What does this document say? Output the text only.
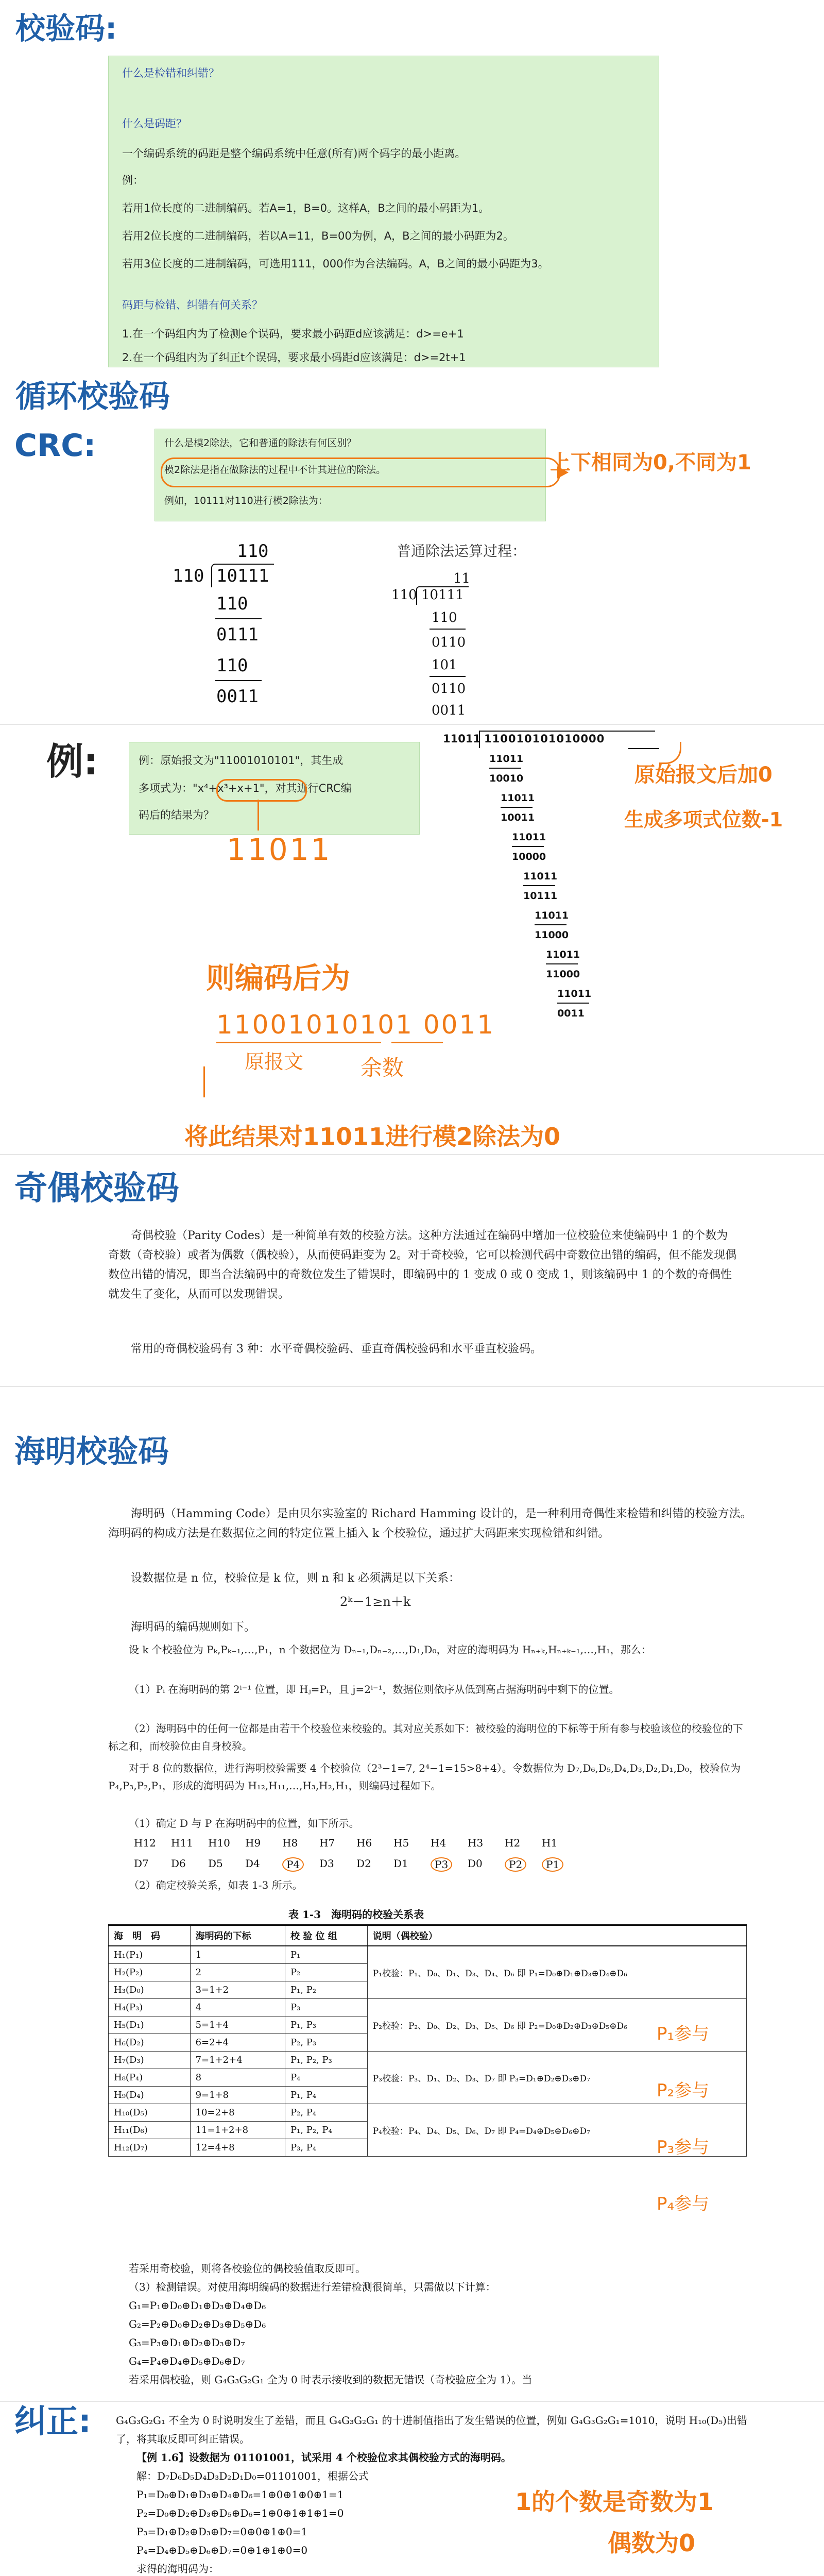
校验码:
什么是检错和纠错？
什么是码距？
一个编码系统的码距是整个编码系统中任意(所有)两个码字的最小距离。
例：
若用1位长度的二进制编码。若A=1，B=0。这样A，B之间的最小码距为1。
若用2位长度的二进制编码，若以A=11，B=00为例，A，B之间的最小码距为2。
若用3位长度的二进制编码，可选用111，000作为合法编码。A，B之间的最小码距为3。
码距与检错、纠错有何关系？
1.在一个码组内为了检测e个误码，要求最小码距d应该满足：d>=e+1
2.在一个码组内为了纠正t个误码，要求最小码距d应该满足：d>=2t+1
循环校验码
CRC:	什么是模2除法，它和普通的除法有何区别？
模2除法是指在做除法的过程中不计其进位的除法。
例如，10111对110进行模2除法为：
上下相同为0,不同为1
110
110 10111
110
0111
110
0011
普通除法运算过程：
11
110 10111
110
0110
101
0110
0011
例:	例：原始报文为"11001010101"，其生成
多项式为："x⁴+x³+x+1"，对其进行CRC编
码后的结果为？
11011
11011 110010101010000
11011
10010
11011
10011
11011
10000
11011
10111
11011
11000
11011
11000
11011
0011
原始报文后加0
生成多项式位数-1
则编码后为
11001010101 0011
原报文	余数
将此结果对11011进行模2除法为0
奇偶校验码
奇偶校验（Parity Codes）是一种简单有效的校验方法。这种方法通过在编码中增加一位校验位来使编码中 1 的个数为奇数（奇校验）或者为偶数（偶校验），从而使码距变为 2。对于奇校验，它可以检测代码中奇数位出错的编码，但不能发现偶数位出错的情况，即当合法编码中的奇数位发生了错误时，即编码中的 1 变成 0 或 0 变成 1，则该编码中 1 的个数的奇偶性就发生了变化，从而可以发现错误。
常用的奇偶校验码有 3 种：水平奇偶校验码、垂直奇偶校验码和水平垂直校验码。
海明校验码
海明码（Hamming Code）是由贝尔实验室的 Richard Hamming 设计的，是一种利用奇偶性来检错和纠错的校验方法。海明码的构成方法是在数据位之间的特定位置上插入 k 个校验位，通过扩大码距来实现检错和纠错。
设数据位是 n 位，校验位是 k 位，则 n 和 k 必须满足以下关系：
2ᵏ－1≥n＋k
海明码的编码规则如下。
设 k 个校验位为 Pₖ,Pₖ₋₁,…,P₁，n 个数据位为 Dₙ₋₁,Dₙ₋₂,…,D₁,D₀，对应的海明码为 Hₙ₊ₖ,Hₙ₊ₖ₋₁,…,H₁，那么：
（1）Pᵢ 在海明码的第 2ⁱ⁻¹ 位置，即 Hⱼ=Pᵢ，且 j=2ⁱ⁻¹，数据位则依序从低到高占据海明码中剩下的位置。
（2）海明码中的任何一位都是由若干个校验位来校验的。其对应关系如下：被校验的海明位的下标等于所有参与校验该位的校验位的下标之和，而校验位由自身校验。
对于 8 位的数据位，进行海明校验需要 4 个校验位（2³−1=7, 2⁴−1=15>8+4）。令数据位为 D₇,D₆,D₅,D₄,D₃,D₂,D₁,D₀，校验位为 P₄,P₃,P₂,P₁，形成的海明码为 H₁₂,H₁₁,…,H₃,H₂,H₁，则编码过程如下。
（1）确定 D 与 P 在海明码中的位置，如下所示。
H12 H11 H10 H9 H8 H7 H6 H5 H4 H3 H2 H1
D7 D6 D5 D4	P4	D3 D2 D1	P3	D0	P2	P1
（2）确定校验关系，如表 1-3 所示。
表 1-3　海明码的校验关系表
海　明　码	海明码的下标	校 验 位 组	说明（偶校验）
H₁(P₁)	1	P₁	P₁校验：P₁、D₀、D₁、D₃、D₄、D₆ 即 P₁=D₀⊕D₁⊕D₃⊕D₄⊕D₆
H₂(P₂)	2	P₂	
H₃(D₀)	3=1+2	P₁, P₂	
H₄(P₃)	4	P₃	P₂校验：P₂、D₀、D₂、D₃、D₅、D₆ 即 P₂=D₀⊕D₂⊕D₃⊕D₅⊕D₆
H₅(D₁)	5=1+4	P₁, P₃	
H₆(D₂)	6=2+4	P₂, P₃	
H₇(D₃)	7=1+2+4	P₁, P₂, P₃	P₃校验：P₃、D₁、D₂、D₃、D₇ 即 P₃=D₁⊕D₂⊕D₃⊕D₇
H₈(P₄)	8	P₄	
H₉(D₄)	9=1+8	P₁, P₄	
H₁₀(D₅)	10=2+8	P₂, P₄	P₄校验：P₄、D₄、D₅、D₆、D₇ 即 P₄=D₄⊕D₅⊕D₆⊕D₇
H₁₁(D₆)	11=1+2+8	P₁, P₂, P₄	
H₁₂(D₇)	12=4+8	P₃, P₄	
P₁参与
P₂参与
P₃参与
P₄参与
若采用奇校验，则将各校验位的偶校验值取反即可。
（3）检测错误。对使用海明编码的数据进行差错检测很简单，只需做以下计算：
G₁=P₁⊕D₀⊕D₁⊕D₃⊕D₄⊕D₆
G₂=P₂⊕D₀⊕D₂⊕D₃⊕D₅⊕D₆
G₃=P₃⊕D₁⊕D₂⊕D₃⊕D₇
G₄=P₄⊕D₄⊕D₅⊕D₆⊕D₇
若采用偶校验，则 G₄G₃G₂G₁ 全为 0 时表示接收到的数据无错误（奇校验应全为 1）。当
纠正: G₄G₃G₂G₁ 不全为 0 时说明发生了差错，而且 G₄G₃G₂G₁ 的十进制值指出了发生错误的位置，例如 G₄G₃G₂G₁=1010，说明 H₁₀(D₅)出错了，将其取反即可纠正错误。
【例 1.6】设数据为 01101001，试采用 4 个校验位求其偶校验方式的海明码。
解：D₇D₆D₅D₄D₃D₂D₁D₀=01101001，根据公式
P₁=D₀⊕D₁⊕D₃⊕D₄⊕D₆=1⊕0⊕1⊕0⊕1=1
P₂=D₀⊕D₂⊕D₃⊕D₅⊕D₆=1⊕0⊕1⊕1⊕1=0
P₃=D₁⊕D₂⊕D₃⊕D₇=0⊕0⊕1⊕0=1
P₄=D₄⊕D₅⊕D₆⊕D₇=0⊕1⊕1⊕0=0
求得的海明码为：
1的个数是奇数为1
偶数为0
